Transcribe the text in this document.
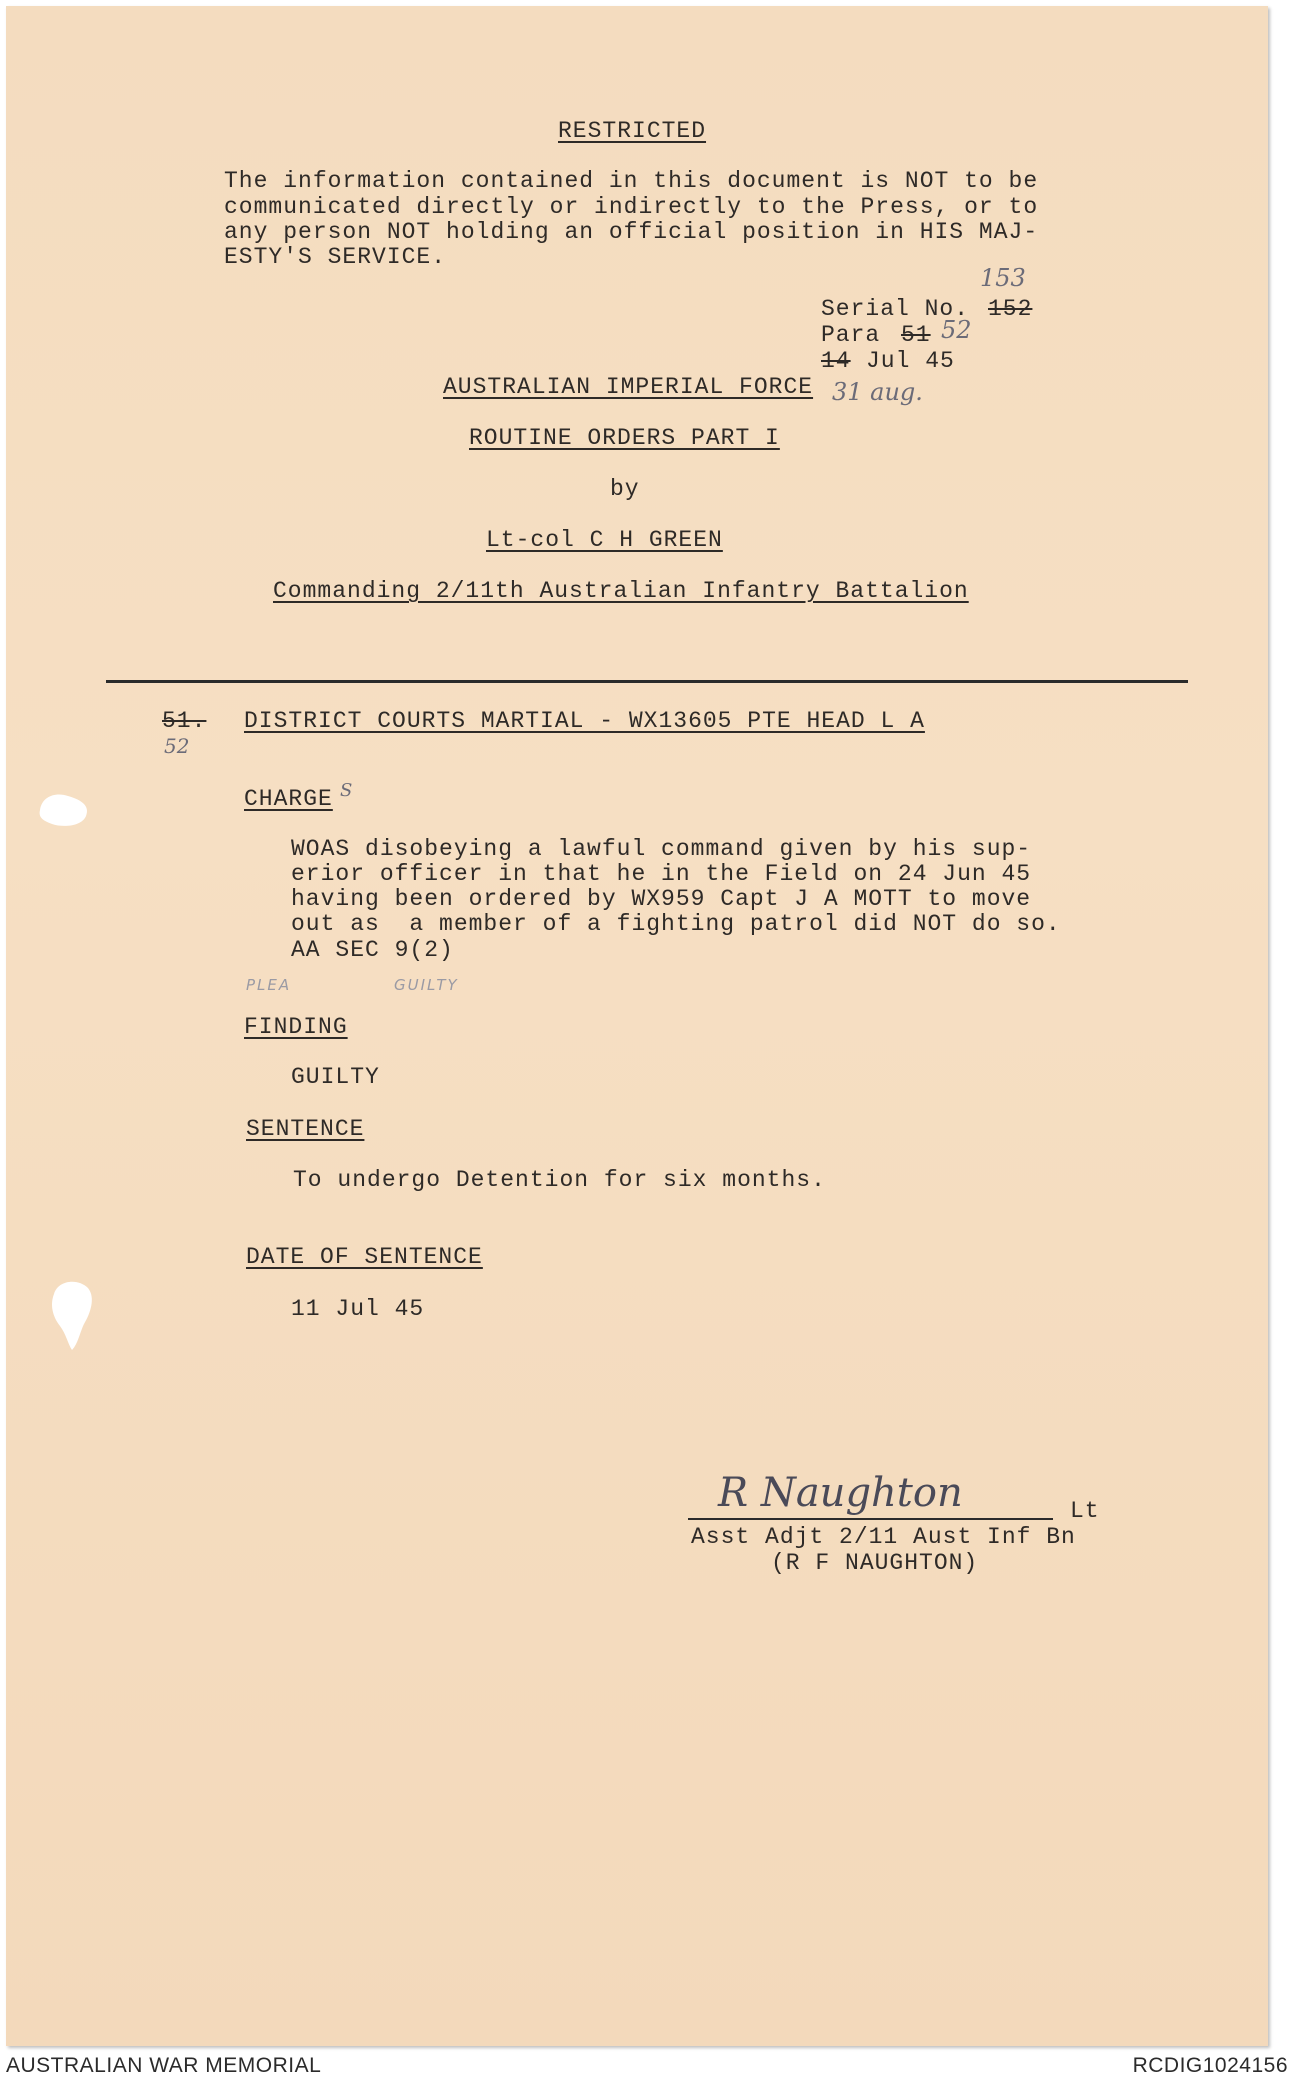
RESTRICTED
The information contained in this document is NOT to be
communicated directly or indirectly to the Press, or to
any person NOT holding an official position in HIS MAJ-
ESTY'S SERVICE.
153
Serial No. 152
Para 51 52
14 Jul 45
AUSTRALIAN IMPERIAL FORCE 31 aug.
ROUTINE ORDERS PART I
by
Lt-col C H GREEN
Commanding 2/11th Australian Infantry Battalion
51.
52
DISTRICT COURTS MARTIAL - WX13605 PTE HEAD L A
CHARGE S
WOAS disobeying a lawful command given by his sup-
erior officer in that he in the Field on 24 Jun 45
having been ordered by WX959 Capt J A MOTT to move
out as  a member of a fighting patrol did NOT do so.
AA SEC 9(2)
PLEA	GUILTY
FINDING
GUILTY
SENTENCE
To undergo Detention for six months.
DATE OF SENTENCE
11 Jul 45
R Naughton	Lt
Asst Adjt 2/11 Aust Inf Bn
(R F NAUGHTON)
AUSTRALIAN WAR MEMORIAL	RCDIG1024156
